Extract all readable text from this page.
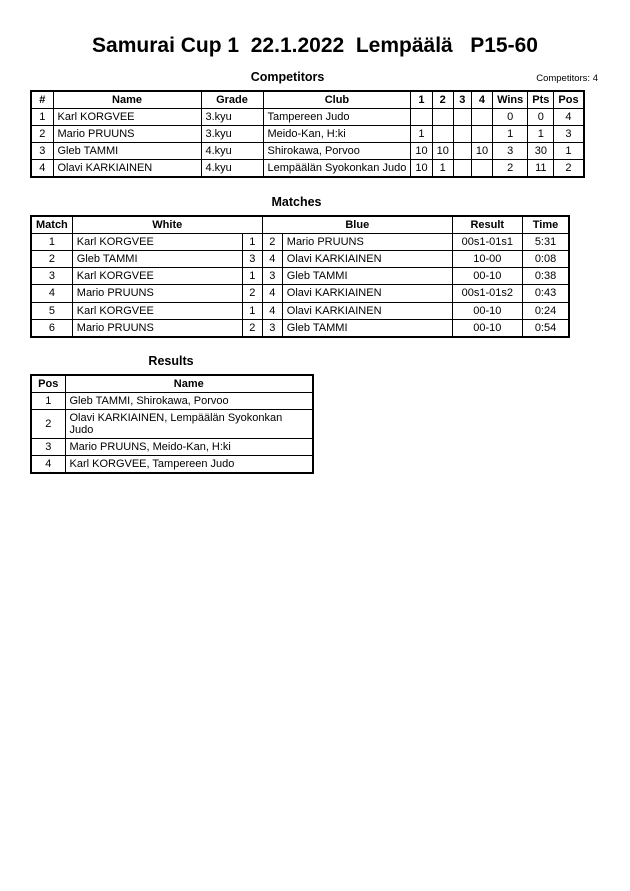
Samurai Cup 1  22.1.2022  Lempäälä   P15-60
Competitors	Competitors: 4
#	Name	Grade	Club	1	2	3	4	Wins	Pts	Pos
1	Karl KORGVEE	3.kyu	Tampereen Judo					0	0	4
2	Mario PRUUNS	3.kyu	Meido-Kan, H:ki	1				1	1	3
3	Gleb TAMMI	4.kyu	Shirokawa, Porvoo	10	10		10	3	30	1
4	Olavi KARKIAINEN	4.kyu	Lempäälän Syokonkan Judo	10	1			2	11	2
Matches
Match	White		Blue		Result	Time
1	Karl KORGVEE	1	2	Mario PRUUNS	00s1-01s1	5:31
2	Gleb TAMMI	3	4	Olavi KARKIAINEN	10-00	0:08
3	Karl KORGVEE	1	3	Gleb TAMMI	00-10	0:38
4	Mario PRUUNS	2	4	Olavi KARKIAINEN	00s1-01s2	0:43
5	Karl KORGVEE	1	4	Olavi KARKIAINEN	00-10	0:24
6	Mario PRUUNS	2	3	Gleb TAMMI	00-10	0:54
Results
Pos	Name
1	Gleb TAMMI, Shirokawa, Porvoo
2	Olavi KARKIAINEN, Lempäälän Syokonkan Judo
3	Mario PRUUNS, Meido-Kan, H:ki
4	Karl KORGVEE, Tampereen Judo
